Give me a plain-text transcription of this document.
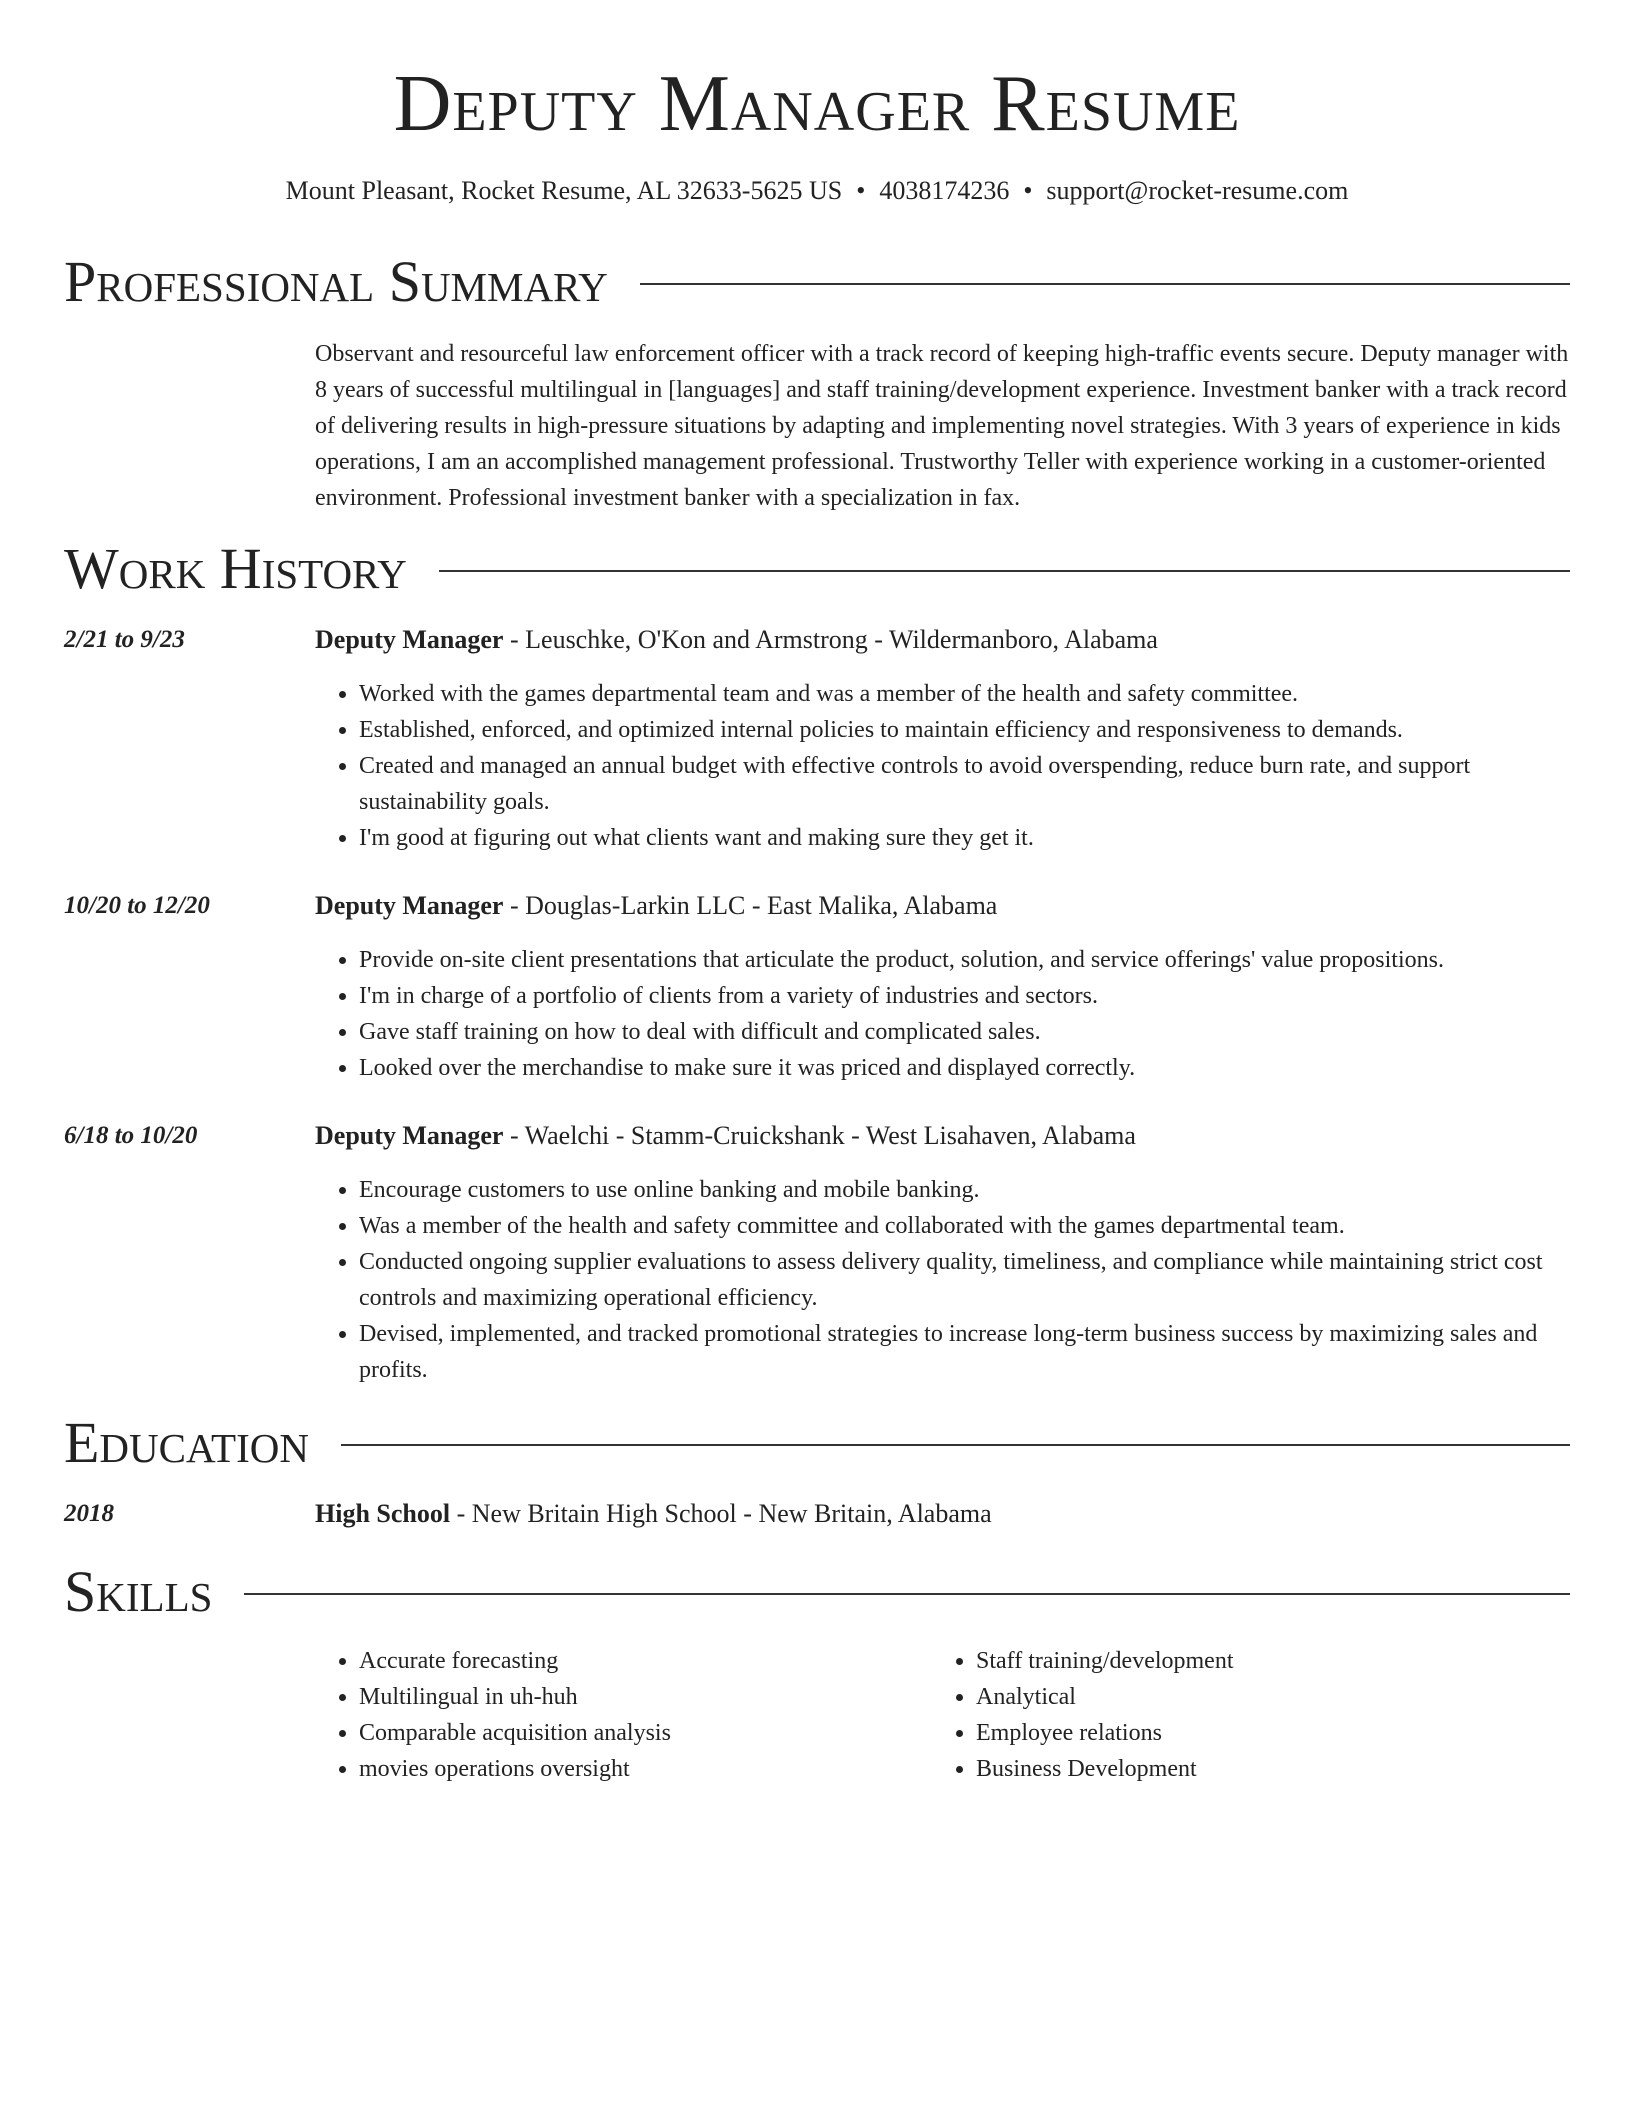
Deputy Manager Resume
Mount Pleasant, Rocket Resume, AL 32633-5625 US • 4038174236 • support@rocket-resume.com
Professional Summary

Observant and resourceful law enforcement officer with a track record of keeping high-traffic events secure. Deputy manager with 8 years of successful multilingual in [languages] and staff training/development experience. Investment banker with a track record of delivering results in high-pressure situations by adapting and implementing novel strategies. With 3 years of experience in kids operations, I am an accomplished management professional. Trustworthy Teller with experience working in a customer-oriented environment. Professional investment banker with a specialization in fax.

Work History
2/21 to 9/23	Deputy Manager - Leuschke, O'Kon and Armstrong - Wildermanboro, Alabama
• Worked with the games departmental team and was a member of the health and safety committee.
• Established, enforced, and optimized internal policies to maintain efficiency and responsiveness to demands.
• Created and managed an annual budget with effective controls to avoid overspending, reduce burn rate, and support sustainability goals.
• I'm good at figuring out what clients want and making sure they get it.
10/20 to 12/20	Deputy Manager - Douglas-Larkin LLC - East Malika, Alabama
• Provide on-site client presentations that articulate the product, solution, and service offerings' value propositions.
• I'm in charge of a portfolio of clients from a variety of industries and sectors.
• Gave staff training on how to deal with difficult and complicated sales.
• Looked over the merchandise to make sure it was priced and displayed correctly.
6/18 to 10/20	Deputy Manager - Waelchi - Stamm-Cruickshank - West Lisahaven, Alabama
• Encourage customers to use online banking and mobile banking.
• Was a member of the health and safety committee and collaborated with the games departmental team.
• Conducted ongoing supplier evaluations to assess delivery quality, timeliness, and compliance while maintaining strict cost controls and maximizing operational efficiency.
• Devised, implemented, and tracked promotional strategies to increase long-term business success by maximizing sales and profits.
Education
2018	High School - New Britain High School - New Britain, Alabama
Skills
• Accurate forecasting
• Multilingual in uh-huh
• Comparable acquisition analysis
• movies operations oversight
• Staff training/development
• Analytical
• Employee relations
• Business Development
